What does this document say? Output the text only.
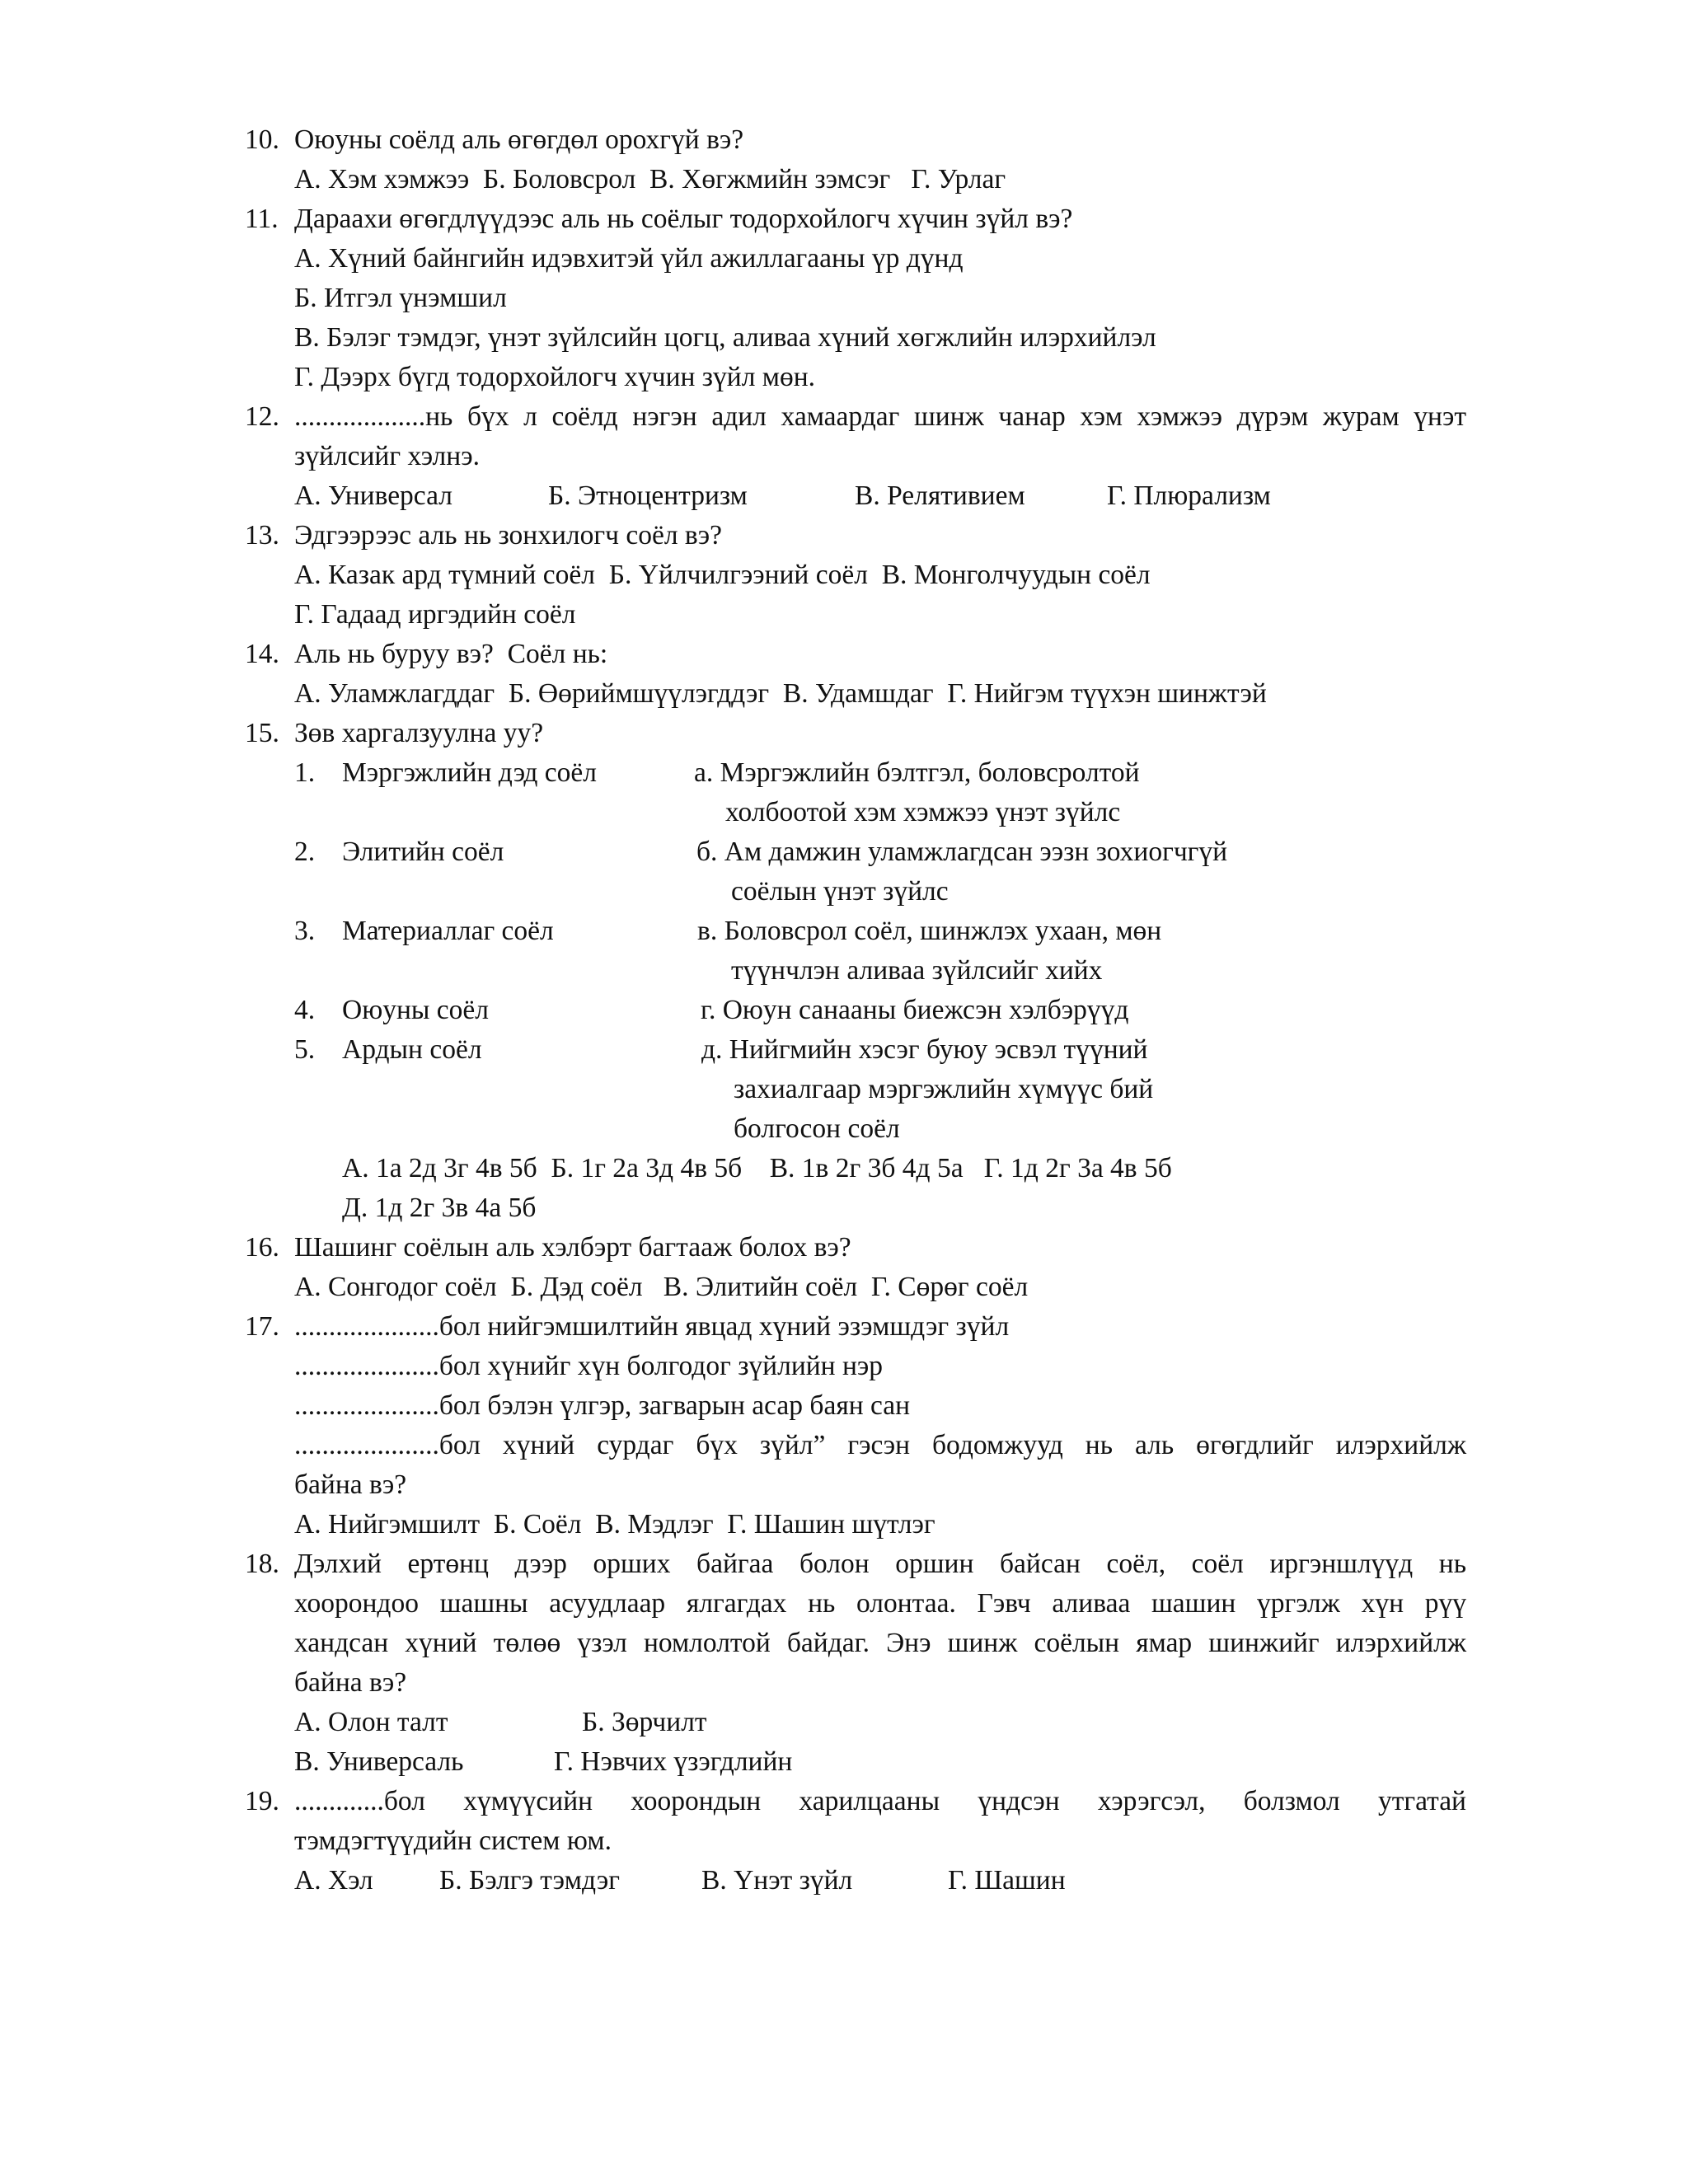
10. Оюуны соёлд аль өгөгдөл орохгүй вэ?
А. Хэм хэмжээ  Б. Боловсрол  В. Хөгжмийн зэмсэг   Г. Урлаг
11. Дараахи өгөгдлүүдээс аль нь соёлыг тодорхойлогч хүчин зүйл вэ?
А. Хүний байнгийн идэвхитэй үйл ажиллагааны үр дүнд
Б. Итгэл үнэмшил
В. Бэлэг тэмдэг, үнэт зүйлсийн цогц, аливаа хүний хөгжлийн илэрхийлэл
Г. Дээрх бүгд тодорхойлогч хүчин зүйл мөн.
12. ...................нь бүх л соёлд нэгэн адил хамаардаг шинж чанар хэм хэмжээ дүрэм журам үнэт
зүйлсийг хэлнэ.
А. Универсал	Б. Этноцентризм	В. Релятивием	Г. Плюрализм
13. Эдгээрээс аль нь зонхилогч соёл вэ?
А. Казак ард түмний соёл  Б. Үйлчилгээний соёл  В. Монголчуудын соёл
Г. Гадаад иргэдийн соёл
14. Аль нь буруу вэ?  Соёл нь:
А. Уламжлагддаг  Б. Өөриймшүүлэгддэг  В. Удамшдаг  Г. Нийгэм түүхэн шинжтэй
15. Зөв харгалзуулна уу?
1. Мэргэжлийн дэд соёл	а. Мэргэжлийн бэлтгэл, боловсролтой
холбоотой хэм хэмжээ үнэт зүйлс
2. Элитийн соёл	б. Ам дамжин уламжлагдсан ээзн зохиогчгүй
соёлын үнэт зүйлс
3. Материаллаг соёл	в. Боловсрол соёл, шинжлэх ухаан, мөн
түүнчлэн аливаа зүйлсийг хийх
4. Оюуны соёл	г. Оюун санааны биежсэн хэлбэрүүд
5. Ардын соёл	д. Нийгмийн хэсэг буюу эсвэл түүний
захиалгаар мэргэжлийн хүмүүс бий
болгосон соёл
А. 1а 2д 3г 4в 5б  Б. 1г 2а 3д 4в 5б    В. 1в 2г 3б 4д 5а   Г. 1д 2г 3а 4в 5б
Д. 1д 2г 3в 4а 5б
16. Шашинг соёлын аль хэлбэрт багтааж болох вэ?
А. Сонгодог соёл  Б. Дэд соёл   В. Элитийн соёл  Г. Сөрөг соёл
17. .....................бол нийгэмшилтийн явцад хүний эзэмшдэг зүйл
.....................бол хүнийг хүн болгодог зүйлийн нэр
.....................бол бэлэн үлгэр, загварын асар баян сан
.....................бол хүний сурдаг бүх зүйл” гэсэн бодомжууд нь аль өгөгдлийг илэрхийлж
байна вэ?
А. Нийгэмшилт  Б. Соёл  В. Мэдлэг  Г. Шашин шүтлэг
18. Дэлхий ертөнц дээр орших байгаа болон оршин байсан соёл, соёл иргэншлүүд нь
хоорондоо шашны асуудлаар ялгагдах нь олонтаа. Гэвч аливаа шашин үргэлж хүн рүү
хандсан хүний төлөө үзэл номлолтой байдаг. Энэ шинж соёлын ямар шинжийг илэрхийлж
байна вэ?
А. Олон талт	Б. Зөрчилт
В. Универсаль	Г. Нэвчих үзэгдлийн
19. .............бол хүмүүсийн хоорондын харилцааны үндсэн хэрэгсэл, болзмол утгатай
тэмдэгтүүдийн систем юм.
А. Хэл Б. Бэлгэ тэмдэг	В. Үнэт зүйл	Г. Шашин
